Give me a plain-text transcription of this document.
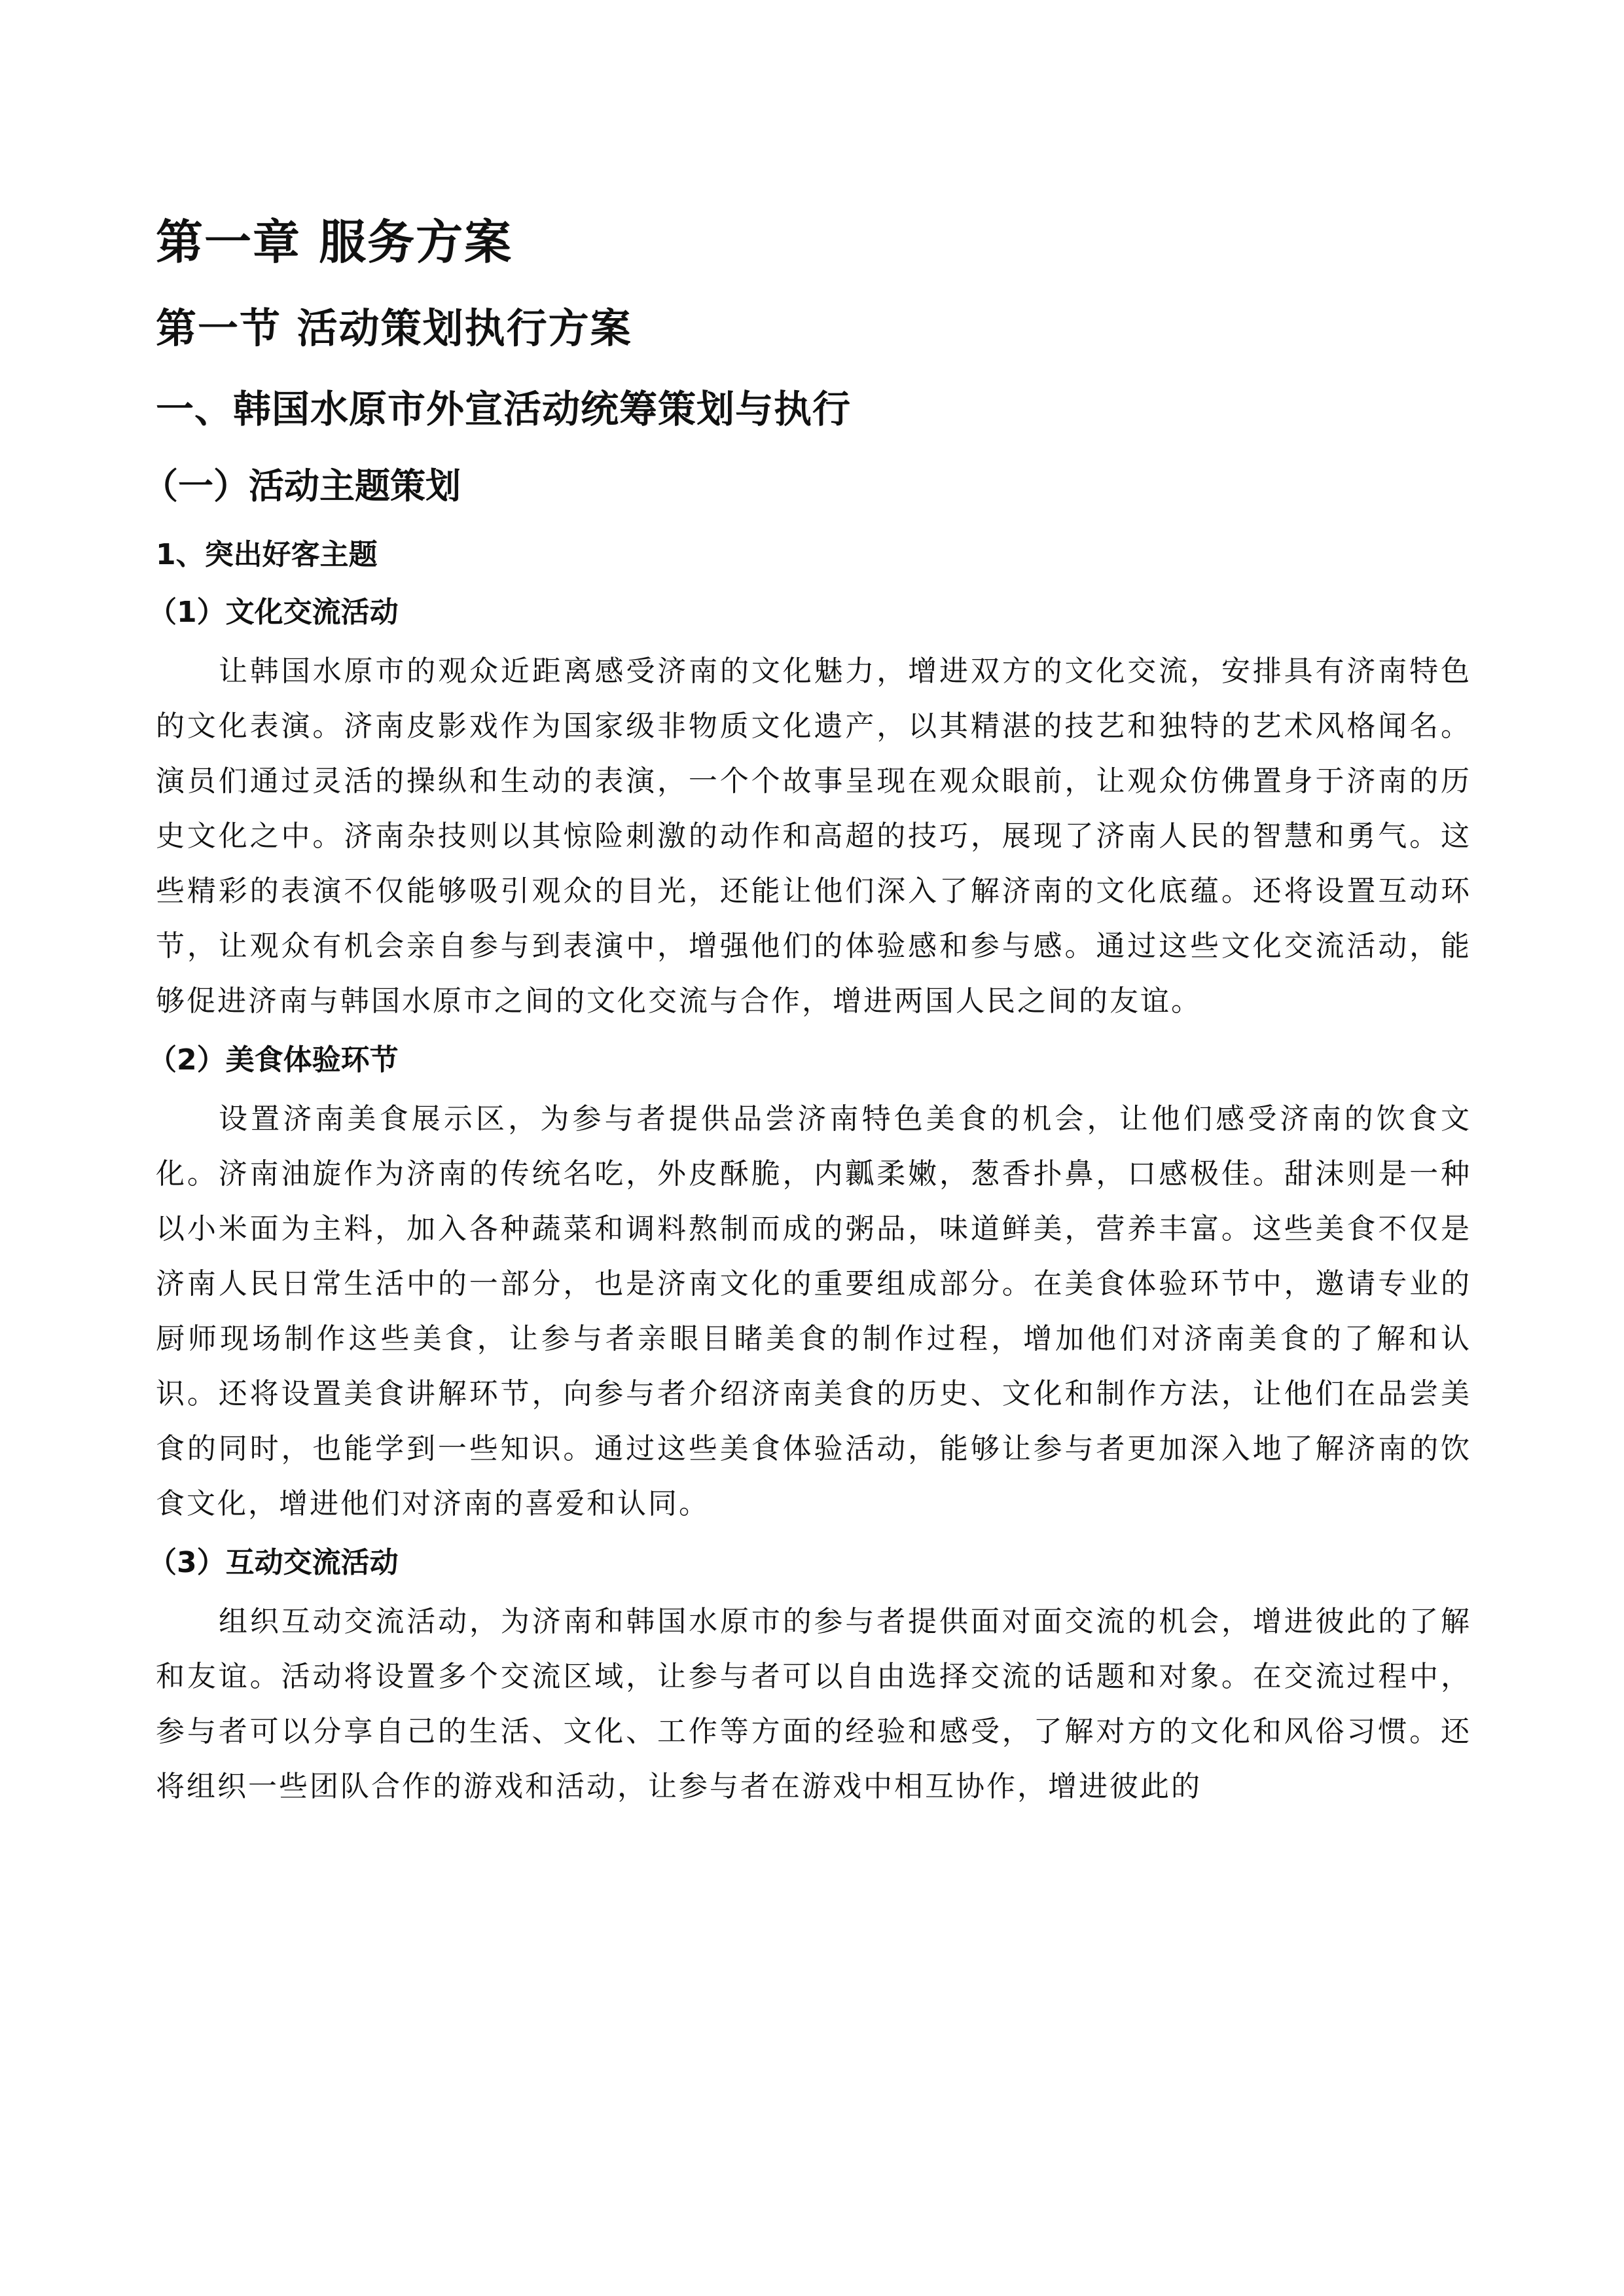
第一章 服务方案
第一节 活动策划执行方案
一、韩国水原市外宣活动统筹策划与执行
（一）活动主题策划
1、突出好客主题
（1）文化交流活动

让韩国水原市的观众近距离感受济南的文化魅力，增进双方的文化交流，安排具有济南特色的文化表演。济南皮影戏作为国家级非物质文化遗产，以其精湛的技艺和独特的艺术风格闻名。演员们通过灵活的操纵和生动的表演，一个个故事呈现在观众眼前，让观众仿佛置身于济南的历史文化之中。济南杂技则以其惊险刺激的动作和高超的技巧，展现了济南人民的智慧和勇气。这些精彩的表演不仅能够吸引观众的目光，还能让他们深入了解济南的文化底蕴。还将设置互动环节，让观众有机会亲自参与到表演中，增强他们的体验感和参与感。通过这些文化交流活动，能够促进济南与韩国水原市之间的文化交流与合作，增进两国人民之间的友谊。

（2）美食体验环节

设置济南美食展示区，为参与者提供品尝济南特色美食的机会，让他们感受济南的饮食文化。济南油旋作为济南的传统名吃，外皮酥脆，内瓤柔嫩，葱香扑鼻，口感极佳。甜沫则是一种以小米面为主料，加入各种蔬菜和调料熬制而成的粥品，味道鲜美，营养丰富。这些美食不仅是济南人民日常生活中的一部分，也是济南文化的重要组成部分。在美食体验环节中，邀请专业的厨师现场制作这些美食，让参与者亲眼目睹美食的制作过程，增加他们对济南美食的了解和认识。还将设置美食讲解环节，向参与者介绍济南美食的历史、文化和制作方法，让他们在品尝美食的同时，也能学到一些知识。通过这些美食体验活动，能够让参与者更加深入地了解济南的饮食文化，增进他们对济南的喜爱和认同。

（3）互动交流活动

组织互动交流活动，为济南和韩国水原市的参与者提供面对面交流的机会，增进彼此的了解和友谊。活动将设置多个交流区域，让参与者可以自由选择交流的话题和对象。在交流过程中，参与者可以分享自己的生活、文化、工作等方面的经验和感受，了解对方的文化和风俗习惯。还将组织一些团队合作的游戏和活动，让参与者在游戏中相互协作，增进彼此的
